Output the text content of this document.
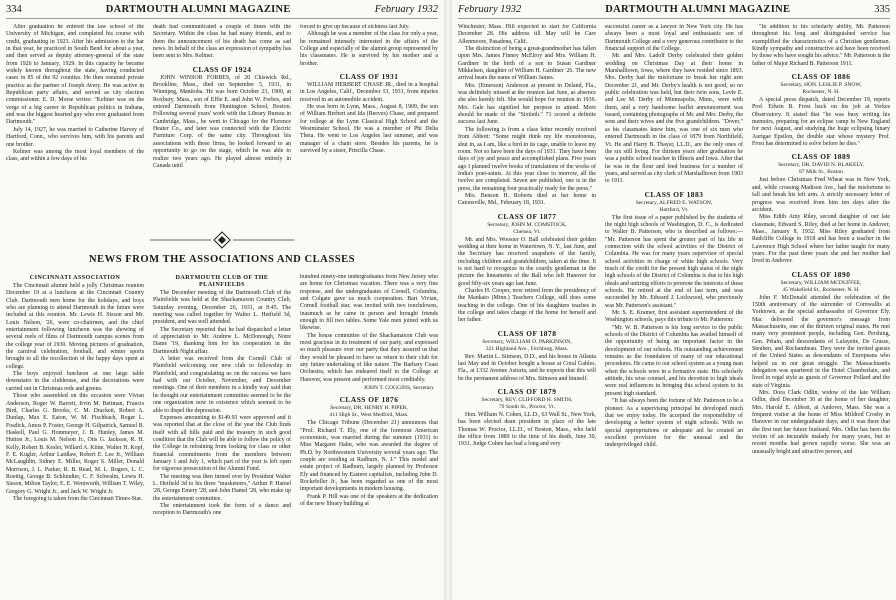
334	DARTMOUTH ALUMNI MAGAZINE	February 1932

After graduation he entered the law school of the University of Michigan, and completed his course with credit, graduating in 1923. After his admission to the bar in that year, he practiced in South Bend for about a year, and then served as deputy attorney-general of the state from 1926 to January, 1929. In this capacity he became widely known throughout the state, having conducted cases in 85 of the 92 counties. He then resumed private practice as the partner of Joseph Avery. He was active in Republican party affairs, and served as city election commissioner. E. D. Morse writes: "Keltner was on the verge of a big career in Republican politics in Indiana, and was the biggest hearted guy who ever graduated from Dartmouth."

July 14, 1927, he was married to Catherine Harvey of Hartford, Conn., who survives him, with his parents and one brother.

Keltner was among the most loyal members of the class, and within a few days of his

death had communicated a couple of times with the Secretary. Within the class he had many friends, and to them the announcement of his death has come as sad news. In behalf of the class an expression of sympathy has been sent to Mrs. Keltner.

CLASS OF 1924

JOHN WINSOR FORBES, of 20 Chiswick Rd., Brookline, Mass., died on September 5, 1931, in Winnipeg, Manitoba. He was born October 23, 1900, at Roxbury, Mass., son of Effie E. and John W. Forbes, and entered Dartmouth from Huntington School, Boston. Following several years' work with the Library Bureau in Cambridge, Mass., he went to Chicago for the Florence Heater Co., and later was connected with the Electric Furniture Corp. of the same city. Throughout his associations with these firms, he looked forward to an opportunity to go on the stage, which he was able to realize two years ago. He played almost entirely in Canada until

forced to give up because of sickness last July.

Although he was a member of the class for only a year, he remained intensely interested in the affairs of the College and especially of the alumni group represented by his classmates. He is survived by his mother and a brother.

CLASS OF 1931

WILLIAM HERBERT CHASE JR., died in a hospital in Los Angeles, Calif., December 13, 1931, from injuries received in an automobile accident.

He was born in Lynn, Mass., August 8, 1909, the son of William Herbert and Ida (Reeves) Chase, and prepared for college at the Lynn Classical High School and the Westminster School. He was a member of Phi Delta Theta. He went to Los Angeles last summer, and was manager of a chain store. Besides his parents, he is survived by a sister, Priscilla Chase.

NEWS FROM THE ASSOCIATIONS AND CLASSES
CINCINNATI ASSOCIATION

The Cincinnati alumni held a jolly Christmas reunion December 19 at a luncheon at the Cincinnati Country Club. Dartmouth men home for the holidays, and boys who are planning to attend Dartmouth in the future were included at this reunion. Mr. Lewis H. Sisson and Mr. Louis Nelson, '26, were co-chairmen, and the chief entertainment following luncheon was the showing of several reels of films of Dartmouth campus scenes from the college year of 1930. Moving pictures of graduation, the carnival celebration, football, and winter sports brought to all the recollection of the happy days spent at college.

The boys enjoyed luncheon at one large table downstairs in the clubhouse, and the decorations were carried out in Christmas reds and greens.

Those who assembled on this occasion were Vivian Anderson, Roger W. Barrett, Irvin M. Bettman, Francis Bird, Charles G. Brooks, C. M. Drackett, Robert A. Dunlap, Max E. Eaton, W. M. Fischbach, Roger L. Fosdick, Amos P. Foster, George H. Gilpatrick, Samuel B. Haskell, Paul G. Hommeyer, J. B. Hunley, James M. Hutton Jr., Louis M. Nelson Jr., Otis G. Jackson, R. H. Kelly, Robert B. Kesler, Willard A. Kiine, Walter H. Kopf, F. E. Kugler, Arthur Laidlaw, Robert E. Lee Jr., William McLaughlin, Sidney E. Miller, Roger S. Miller, Donald Morrison, J. L. Parker, R. B. Read, M. L. Rogers, L. C. Roettig, George B. Schlundter, C. F. Schwalm, Lewis H. Sisson, Milton Taylor, E. E. Wentworth, William T. Wiley, Gregory G. Wright Jr., and Jack W. Wright Jr.

The foregoing is taken from the Cincinnati Times-Star.

DARTMOUTH CLUB OF THE PLAINFIELDS

The December meeting of the Dartmouth Club of the Plainfields was held at the Shackamaxon Country Club, Saturday evening, December 26, 1931, at 8:45. The meeting was called together by Walter L. Hetfield 3d, president, and was well attended.

The Secretary reported that he had dispatched a letter of appreciation to Mr. Andrew L. McDonough, Notre Dame '19, thanking him for his cooperation in the Dartmouth Night affair.

A letter was received from the Cornell Club of Plainfield welcoming our new club to fellowship in Plainfield, and congratulating us on the success we have had with our October, November, and December meetings. One of their members in a kindly way said that he thought our entertainment committee seemed to be the one organization now in existence which seemed to be able to dispel the depression.

Expenses amounting to $149.93 were approved and it was reported that at the close of the year the Club finds itself with all bills paid and the treasury in such good condition that the Club will be able to follow the policy of the College in refraining from looking for class or other financial commitments from the members between January 1 and July 1, which part of the year is left open for vigorous prosecution of the Alumni Fund.

The meeting was then turned over by President Walter L. Hetfield 3d to his three "musketeers," Arthur P. Hamel '28, George Emery '28, and John Hamel '28, who make up the entertainment committee.

The entertainment took the form of a dance and reception to Dartmouth's one

hundred ninety-one undergraduates from New Jersey who are home for Christmas vacation. There was a very fine response, and the undergraduates of Cornell, Columbia, and Colgate gave us much cooperation. Bart Vivian, Cornell football star, was invited with two touchdowns, inasmuch as he came in person and brought friends enough to fill two tables. Some Yale men joined with us likewise.

The house committee of the Shackamaxon Club was most gracious in its treatment of our party, and expressed so much pleasure over our party that they assured us that they would be pleased to have us return to their club for any future undertaking of like nature. The Barbary Coast Orchestra, which has endeared itself to the College at Hanover, was present and performed most creditably.

JOHN T. COGGINS, Secretary
CLASS OF 1876
Secretary, DR. HENRY H. PIPER,
411 High St., West Medford, Mass.

The Chicago Tribune (December 21) announces that "Prof. Richard T. Ely, one of the foremost American economists, was married during the summer (1931) to Miss Margaret Hahn, who was awarded the degree of Ph.D. by Northwestern University several years ago. The couple are residing at Radburn, N. J." This model and estate project of Radburn, largely planned by Professor Ely and financed by Eastern capitalists, including John D. Rockefeller Jr., has been regarded as one of the most important developments in modern housing.

Frank P. Hill was one of the speakers at the dedication of the new library building at

February 1932	DARTMOUTH ALUMNI MAGAZINE	335

Winchester, Mass. Hill expected to start for California December 28. His address till May will be Care Allenmoore, Pasadena, Calif.

The distinction of being a great-grandmother has fallen upon Mrs. James Finney McElroy and Mrs. William H. Gardiner in the birth of a son to Susan Gardiner Mikkelsen, daughter of William H. Gardiner '26. The new arrival bears the name of William James.

Mrs. (Emerson) Anderson at present in Deland, Fla., was definitely missed at the reunion last June, as absence she also keenly felt. She would hope for reunion in 1936. Mrs. Gale has signified her purpose to attend. More should be made of the "Sixtieth." 71 scored a definite success last June.

The following is from a class letter recently received from Abbott: "Some might think my life monotonous, shut in, as I am, like a bird in its cage, unable to leave my room. Not so have been the days of 1931. They have been days of joy and peace and accomplished plans. Five years ago I planned twelve books of translations of the works of India's poet-saints. At this year close to morrow, all the twelve are completed. Seven are published, one is in the press, the remaining four practically ready for the press."

Mrs. Benson H. Roberts died at her home in Catonsville, Md., February 18, 1931.

CLASS OF 1877
Secretary, JOHN M. COMSTOCK,
Chelsea, Vt.

Mr. and Mrs. Wooster O. Ball celebrated their golden wedding at their home in Watertown, N. Y., last June, and the Secretary has received snapshots of the family, including children and grandchildren, taken at the time. It is not hard to recognize in the courtly gentleman in the picture the lineaments of the Ball who left Hanover for good fifty-six years ago last June.

Charles H. Cooper, now retired from the presidency of the Mankato (Minn.) Teachers College, still does some teaching in the college. One of his daughters teaches in the college and takes charge of the home for herself and her father.

CLASS OF 1878
Secretary, WILLIAM D. PARKINSON,
321 Highland Ave., Fitchburg, Mass.

Rev. Martin L. Stimson, D.D., and his house in Atlanta last May and in October bought a house at Coral Gables, Fla., at 1332 Avenue Asturia, and he expects that this will be the permanent address of Mrs. Stimson and himself.

CLASS OF 1879
Secretary, REV. CLIFFORD H. SMITH,
79 South St., Proctor, Vt.

Hon. William N. Cohen, LL.D., 63 Wall St., New York, has been elected dean president in place of the late Thomas W. Proctor, LL.D., of Boston, Mass., who held the office from 1889 to the time of his death, June 30, 1931. Judge Cohen has had a long and very

successful career as a lawyer in New York city. He has always been a most loyal and enthusiastic son of Dartmouth College and a very generous contributor to the financial support of the College.

Mr. and Mrs. Ladolf Derby celebrated their golden wedding on Christmas Day at their home in Marshalltown, Iowa, where they have resided since 1893. Mrs. Derby had the misfortune to break her right arm December 21, and Mr. Derby's health is not good, so no public celebration was held, but their twin sons, Levie E. and Lee M. Derby of Minneapolis, Minn., were with them, and a very handsome leaflet announcement was issued, containing photographs of Mr. and Mrs. Derby, the sons and their wives and the five grandchildren. "Dover," as his classmates knew him, was one of six men who entered Dartmouth in the class of 1879 from Northfield, Vt. He and Harry B. Thayer, LL.D., are the only ones of the six still living. For thirteen years after graduation he was a public school teacher in Illinois and Iowa. After that he was in the flour and feed business for a number of years, and served as city clerk of Marshalltown from 1903 to 1911.

CLASS OF 1883
Secretary, ALFRED E. WATSON,
Hartford, Vt.

The first issue of a paper published by the students of the night high schools of Washington, D. C., is dedicated to Walter B. Patterson, who is described as follows:— "Mr. Patterson has spent the greater part of his life in connection with the school activities of the District of Columbia. He was for many years supervisor of special school activities in charge of white high schools. Very much of the credit for the present high status of the night high schools of the District of Columbia is due to his high ideals and untiring efforts to promote the interests of these schools. He retired at the end of last term, and was succeeded by Mr. Edward J. Lockwood, who previously was Mr. Patterson's assistant."

Mr. S. E. Kramer, first assistant superintendent of the Washington schools, pays this tribute to Mr. Patterson:

"Mr. W. B. Patterson is his long service to the public schools of the District of Columbia has availed himself of the opportunity of being an important factor in the development of our schools. His outstanding achievement remains as the foundation of many of our educational procedures. He came to our school system as a young man when the schools were in a formative state. His scholarly attitude, his wise counsel, and his devotion to high ideals were real influences in bringing this school system to its present high standard.

"It has always been the fortune of Mr. Patterson to be a pioneer. As a supervising principal he developed much that we enjoy today. He accepted the responsibility of developing a better system of night schools. With no special appropriations or adequate aid he created an excellent provision for the unusual and the underprivileged child.

"In addition to his scholarly ability, Mr. Patterson throughout his long and distinguished service has exemplified the characteristics of a Christian gentleman. Kindly sympathy and constructive aid have been received by those who have sought his advice." Mr. Patterson is the father of Major Richard B. Patterson 1911.

CLASS OF 1886
Secretary, HON. LESLIE P. SNOW,
Rochester, N. H.

A special press dispatch, dated December 19, reports Prof. Edwin B. Frost back on his job at Yerkes Observatory. It stated that "he was busy writing his memoirs, preparing for an eclipse camp in New England for next August, and studying the huge eclipsing binary Aurigae Epsilon, the double star whose mystery Prof. Frost has determined to solve before he dies."

CLASS OF 1889
Secretary, DR. DAVID N. BLAKELY,
87 Milk St., Boston

Just before Christmas Fred Wheat was in New York, and, while crossing Madison Ave., had the misfortune to fall and break his left arm. A strictly necessary letter of progress was received from him ten days after the accident.

Miss Edith Amy Riley, second daughter of our late classmate, Edward S. Riley, died at her home in Andover, Mass., January 8, 1932. Miss Riley graduated from Radcliffe College in 1918 and has been a teacher in the Lawrence High School where her father taught for many years. For the past three years she and her mother had lived in Andover.

CLASS OF 1890
Secretary, WILLIAM MCDUFFEE,
45 Wakefield St., Rochester, N. H.

John F. McDonald attended the celebration of the 150th anniversary of the surrender of Cornwallis at Yorktown, as the special ambassador of Governor Ely. Mac delivered the governor's message from Massachusetts, one of the thirteen original states. He met many very prominent people, including Gen. Pershing, Gen. Pétain, and descendants of Lafayette, De Grasse, Steuben, and Rochambeau. They were the invited guests of the United States as descendants of Europeans who helped us in our great struggle. The Massachusetts delegation was quartered in the Hotel Chamberlain, and lived in regal style as guests of Governor Pollard and the state of Virginia.

Mrs. Dora Clark Odlin, widow of the late William Odlin, died December 30 at the home of her daughter, Mrs. Harold E. Abbott, at Andover, Mass. She was a frequent visitor at the home of Miss Mildred Crosby in Hanover in our undergraduate days, and it was there that she first met her future husband. Mrs. Odlin has been the victim of an incurable malady for many years, but in recent months had grown rapidly worse. She was an unusually bright and attractive person, and
